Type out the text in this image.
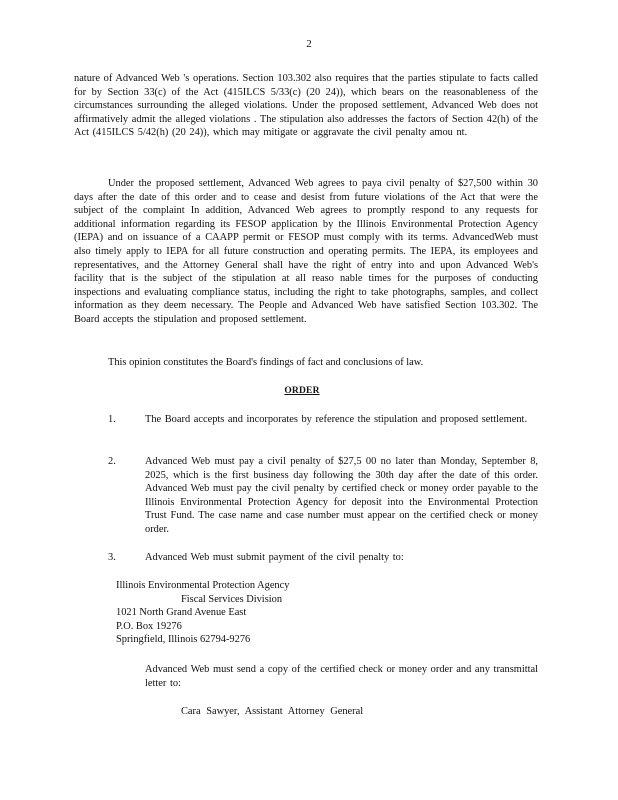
2

nature of Advanced Web 's operations. Section 103.302 also requires that the parties stipulate to facts called for by Section 33(c) of the Act (415ILCS 5/33(c) (20 24)), which bears on the reasonableness of the circumstances surrounding the alleged violations. Under the proposed settlement, Advanced Web does not affirmatively admit the alleged violations . The stipulation also addresses the factors of Section 42(h) of the Act (415ILCS 5/42(h) (20 24)), which may mitigate or aggravate the civil penalty amou nt.

Under the proposed settlement, Advanced Web agrees to paya civil penalty of $27,500 within 30 days after the date of this order and to cease and desist from future violations of the Act that were the subject of the complaint In addition, Advanced Web agrees to promptly respond to any requests for additional information regarding its FESOP application by the Illinois Environmental Protection Agency (IEPA) and on issuance of a CAAPP permit or FESOP must comply with its terms. AdvancedWeb must also timely apply to IEPA for all future construction and operating permits. The IEPA, its employees and representatives, and the Attorney General shall have the right of entry into and upon Advanced Web's facility that is the subject of the stipulation at all reaso nable times for the purposes of conducting inspections and evaluating compliance status, including the right to take photographs, samples, and collect information as they deem necessary. The People and Advanced Web have satisfied Section 103.302. The Board accepts the stipulation and proposed settlement.

This opinion constitutes the Board's findings of fact and conclusions of law.

ORDER
1.	The Board accepts and incorporates by reference the stipulation and proposed settlement.
2.	Advanced Web must pay a civil penalty of $27,5 00 no later than Monday, September 8, 2025, which is the first business day following the 30th day after the date of this order. Advanced Web must pay the civil penalty by certified check or money order payable to the Illinois Environmental Protection Agency for deposit into the Environmental Protection Trust Fund. The case name and case number must appear on the certified check or money order.
3.	Advanced Web must submit payment of the civil penalty to:
Illinois Environmental Protection Agency
Fiscal Services Division
1021 North Grand Avenue East
P.O. Box 19276
Springfield, Illinois 62794-9276

Advanced Web must send a copy of the certified check or money order and any transmittal letter to:

Cara Sawyer, Assistant Attorney General
